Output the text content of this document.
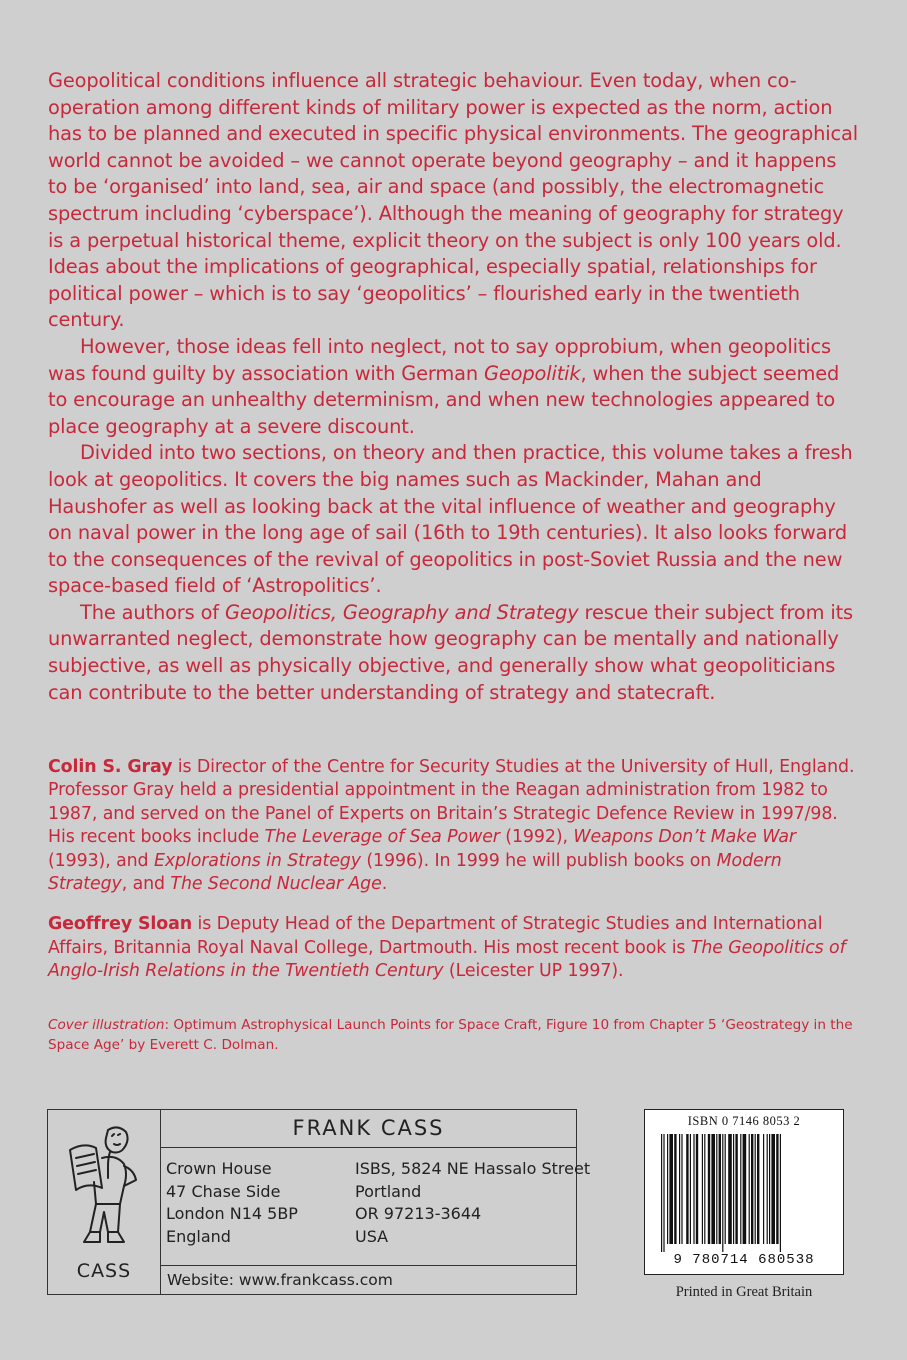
Geopolitical conditions influence all strategic behaviour. Even today, when co-operation among different kinds of military power is expected as the norm, action has to be planned and executed in specific physical environments. The geographical world cannot be avoided – we cannot operate beyond geography – and it happens to be ‘organised’ into land, sea, air and space (and possibly, the electromagnetic spectrum including ‘cyberspace’). Although the meaning of geography for strategy is a perpetual historical theme, explicit theory on the subject is only 100 years old. Ideas about the implications of geographical, especially spatial, relationships for political power – which is to say ‘geopolitics’ – flourished early in the twentieth century.

However, those ideas fell into neglect, not to say opprobium, when geopolitics was found guilty by association with German Geopolitik, when the subject seemed to encourage an unhealthy determinism, and when new technologies appeared to place geography at a severe discount.

Divided into two sections, on theory and then practice, this volume takes a fresh look at geopolitics. It covers the big names such as Mackinder, Mahan and Haushofer as well as looking back at the vital influence of weather and geography on naval power in the long age of sail (16th to 19th centuries). It also looks forward to the consequences of the revival of geopolitics in post-Soviet Russia and the new space-based field of ‘Astropolitics’.

The authors of Geopolitics, Geography and Strategy rescue their subject from its unwarranted neglect, demonstrate how geography can be mentally and nationally subjective, as well as physically objective, and generally show what geopoliticians can contribute to the better understanding of strategy and statecraft.

Colin S. Gray is Director of the Centre for Security Studies at the University of Hull, England. Professor Gray held a presidential appointment in the Reagan administration from 1982 to 1987, and served on the Panel of Experts on Britain’s Strategic Defence Review in 1997/98. His recent books include The Leverage of Sea Power (1992), Weapons Don’t Make War (1993), and Explorations in Strategy (1996). In 1999 he will publish books on Modern Strategy, and The Second Nuclear Age.

Geoffrey Sloan is Deputy Head of the Department of Strategic Studies and International Affairs, Britannia Royal Naval College, Dartmouth. His most recent book is The Geopolitics of Anglo-Irish Relations in the Twentieth Century (Leicester UP 1997).

Cover illustration: Optimum Astrophysical Launch Points for Space Craft, Figure 10 from Chapter 5 ‘Geostrategy in the Space Age’ by Everett C. Dolman.
CASS
FRANK CASS
Crown House
47 Chase Side
London N14 5BP
England
ISBS, 5824 NE Hassalo Street
Portland
OR 97213-3644
USA
Website: www.frankcass.com
ISBN 0 7146 8053 2
9 780714 680538
Printed in Great Britain
